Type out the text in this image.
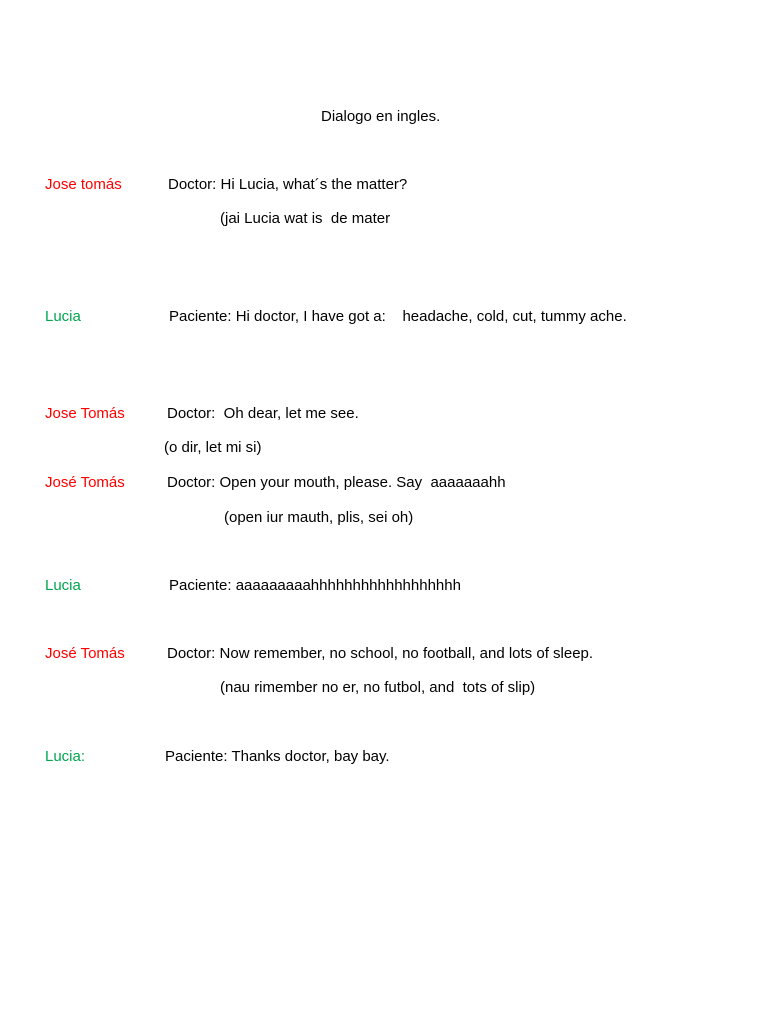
Dialogo en ingles.
Jose tomás	Doctor: Hi Lucia, what´s the matter?
(jai Lucia wat is  de mater
Lucia	Paciente: Hi doctor, I have got a:    headache, cold, cut, tummy ache.
Jose Tomás	Doctor:  Oh dear, let me see.
(o dir, let mi si)
José Tomás	Doctor: Open your mouth, please. Say  aaaaaaahh
(open iur mauth, plis, sei oh)
Lucia	Paciente: aaaaaaaaahhhhhhhhhhhhhhhhhh
José Tomás	Doctor: Now remember, no school, no football, and lots of sleep.
(nau rimember no er, no futbol, and  tots of slip)
Lucia:	Paciente: Thanks doctor, bay bay.
